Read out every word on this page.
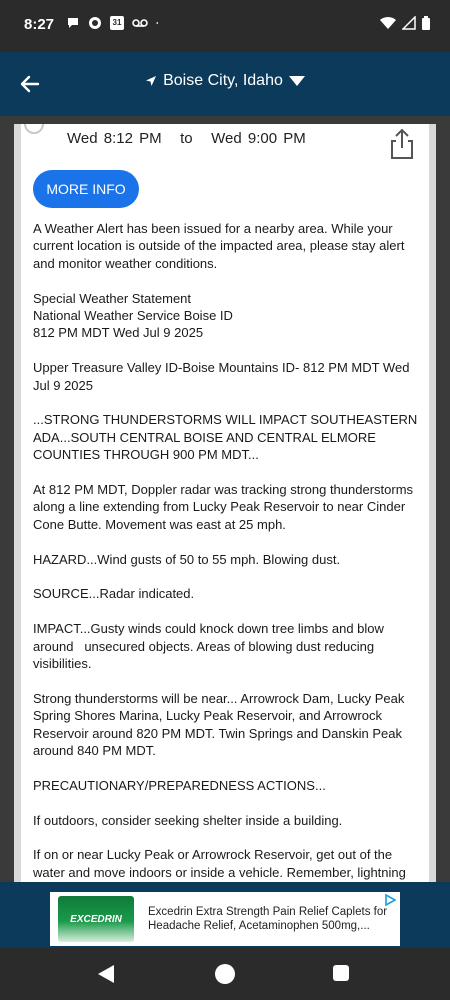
8:27	31
Boise City, Idaho
Wed 8:12 PM to Wed 9:00 PM
MORE INFO

A Weather Alert has been issued for a nearby area. While your current location is outside of the impacted area, please stay alert and monitor weather conditions.

Special Weather Statement
National Weather Service Boise ID
812 PM MDT Wed Jul 9 2025

Upper Treasure Valley ID-Boise Mountains ID- 812 PM MDT Wed Jul 9 2025

...STRONG THUNDERSTORMS WILL IMPACT SOUTHEASTERN ADA...SOUTH CENTRAL BOISE AND CENTRAL ELMORE COUNTIES THROUGH 900 PM MDT...

At 812 PM MDT, Doppler radar was tracking strong thunderstorms along a line extending from Lucky Peak Reservoir to near Cinder Cone Butte. Movement was east at 25 mph.

HAZARD...Wind gusts of 50 to 55 mph. Blowing dust.

SOURCE...Radar indicated.

IMPACT...Gusty winds could knock down tree limbs and blow around   unsecured objects. Areas of blowing dust reducing visibilities.

Strong thunderstorms will be near... Arrowrock Dam, Lucky Peak Spring Shores Marina, Lucky Peak Reservoir, and Arrowrock Reservoir around 820 PM MDT. Twin Springs and Danskin Peak around 840 PM MDT.

PRECAUTIONARY/PREPAREDNESS ACTIONS...

If outdoors, consider seeking shelter inside a building.

If on or near Lucky Peak or Arrowrock Reservoir, get out of the water and move indoors or inside a vehicle. Remember, lightning

EXCEDRIN
Excedrin Extra Strength Pain Relief Caplets for Headache Relief, Acetaminophen 500mg,...
